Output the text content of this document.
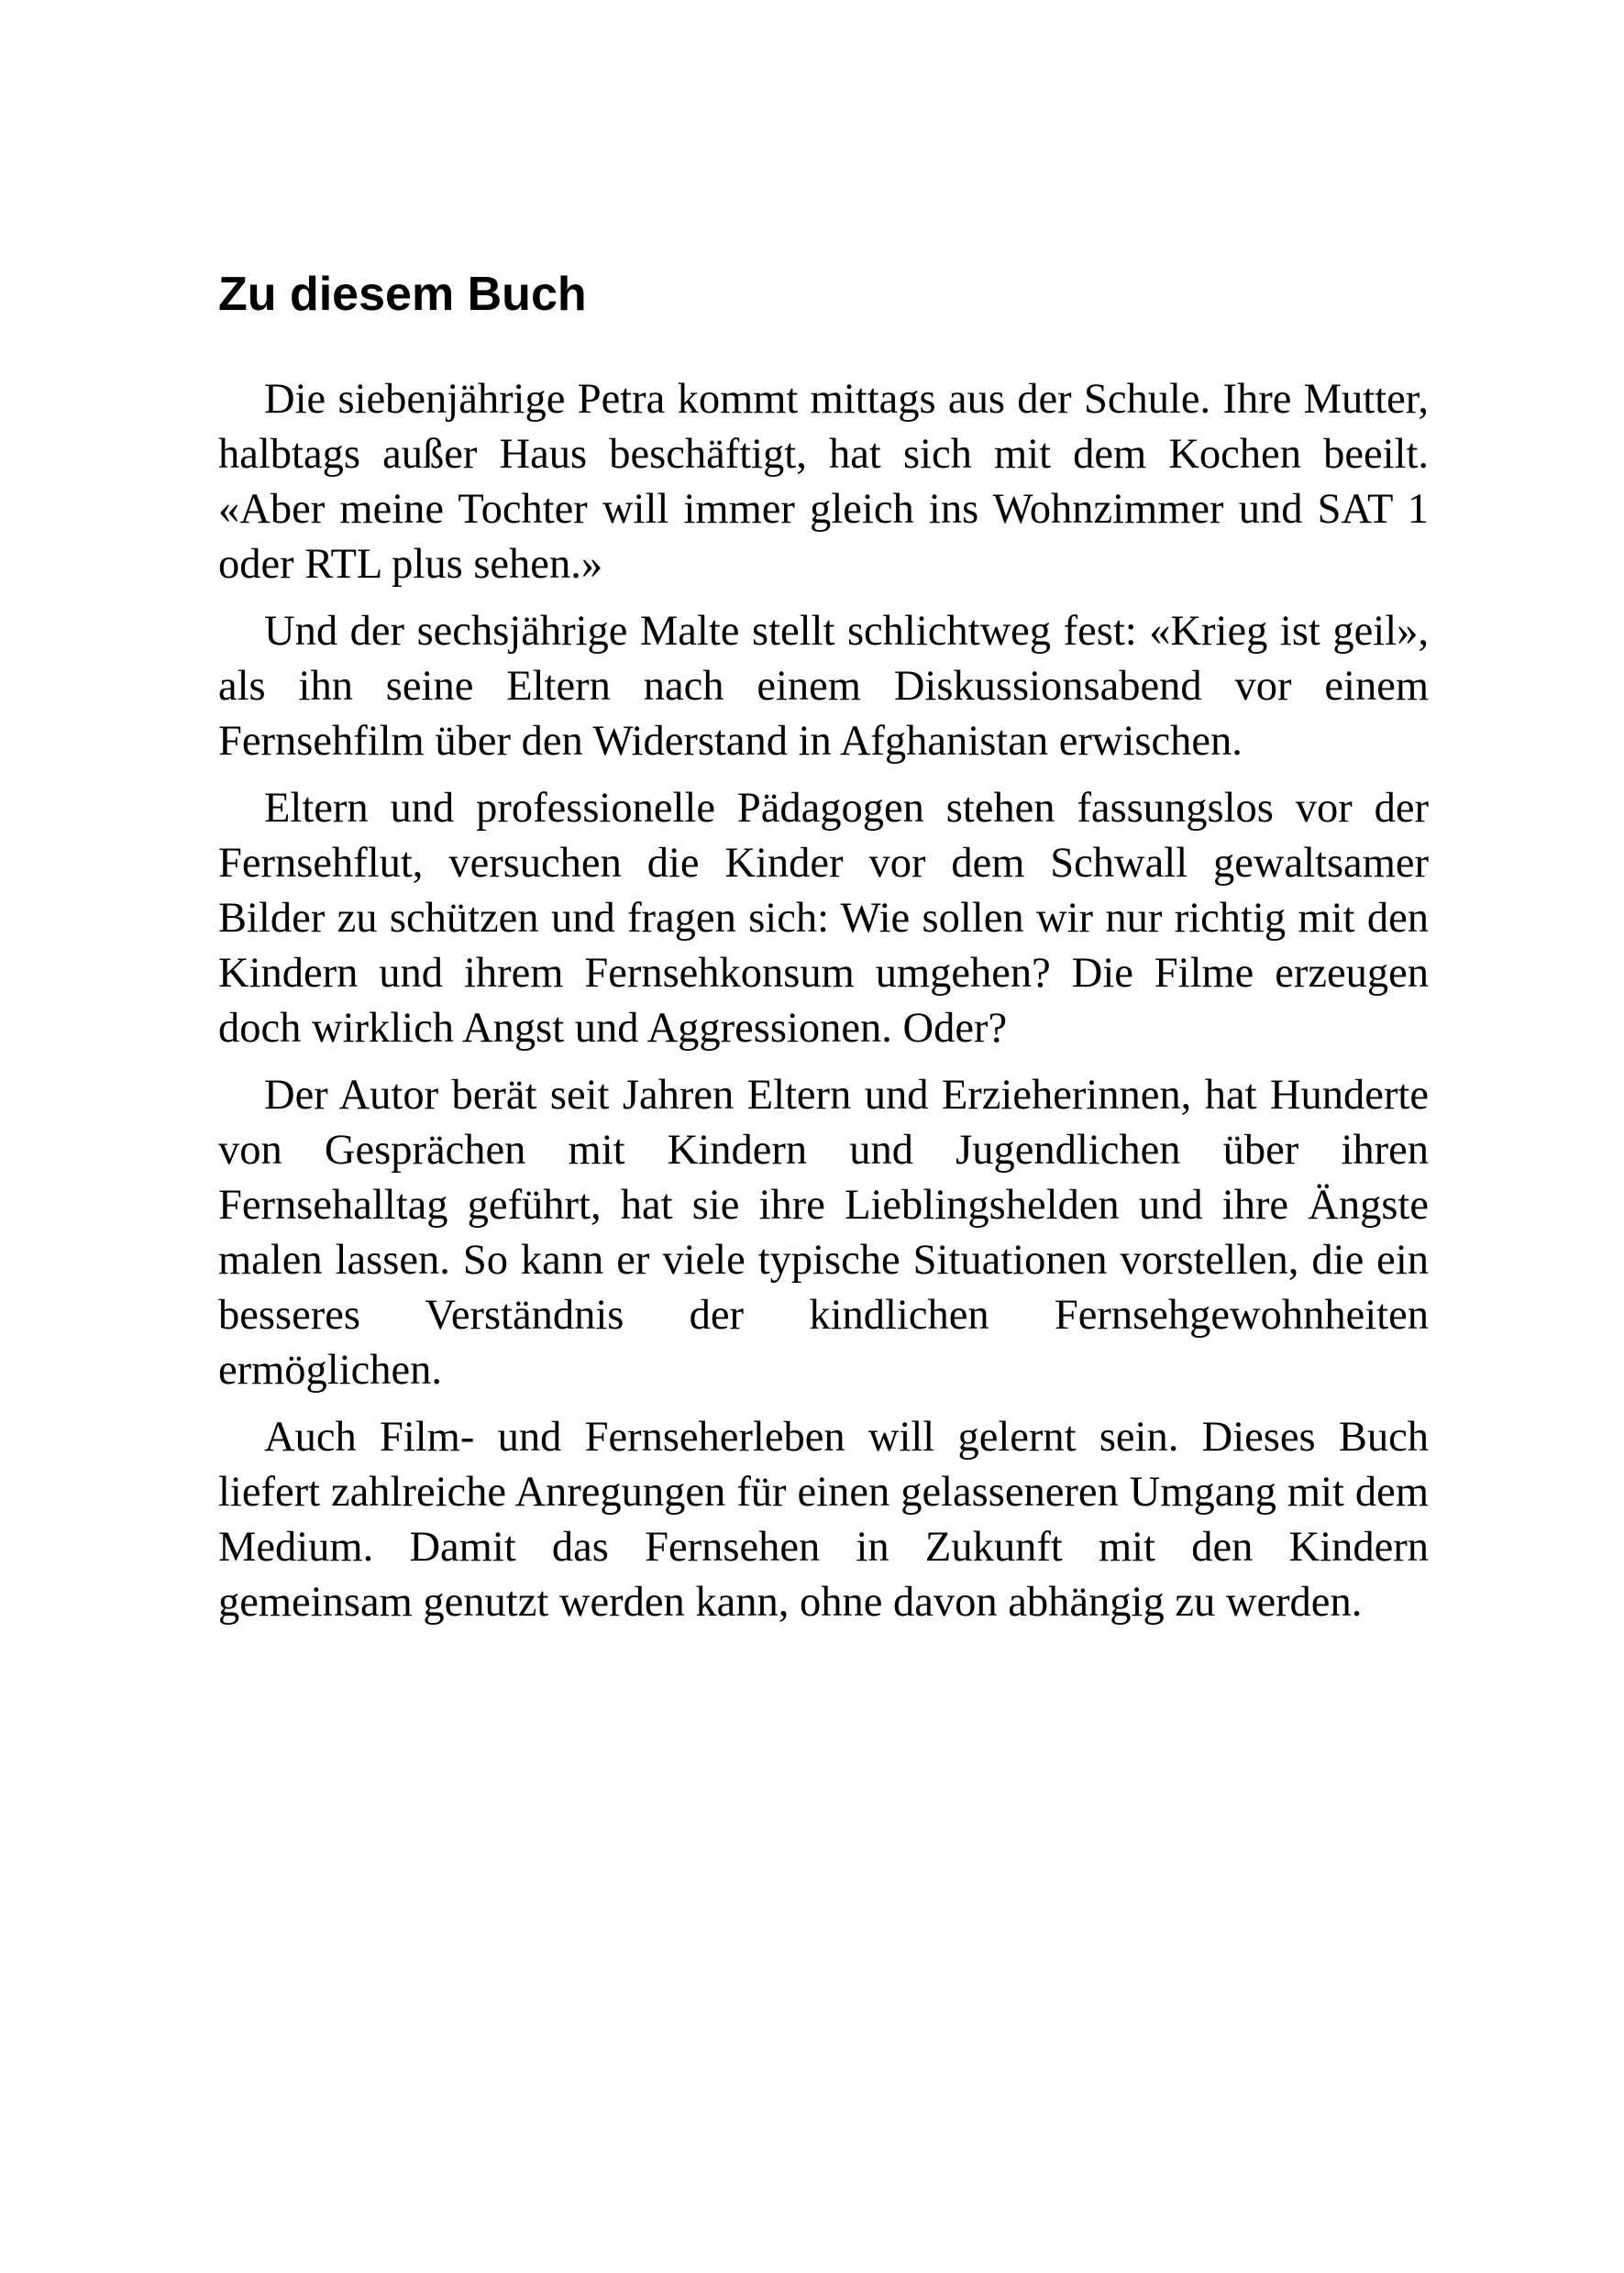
Zu diesem Buch

Die siebenjährige Petra kommt mittags aus der Schule. Ihre Mutter, halbtags außer Haus beschäftigt, hat sich mit dem Kochen beeilt. «Aber meine Tochter will immer gleich ins Wohnzimmer und SAT 1 oder RTL plus sehen.»

Und der sechsjährige Malte stellt schlichtweg fest: «Krieg ist geil», als ihn seine Eltern nach einem Diskussionsabend vor einem Fernsehfilm über den Widerstand in Afghanistan erwischen.

Eltern und professionelle Pädagogen stehen fassungslos vor der Fernsehflut, versuchen die Kinder vor dem Schwall gewaltsamer Bilder zu schützen und fragen sich: Wie sollen wir nur richtig mit den Kindern und ihrem Fernsehkonsum umgehen? Die Filme erzeugen doch wirklich Angst und Aggressionen. Oder?

Der Autor berät seit Jahren Eltern und Erzieherinnen, hat Hunderte von Gesprächen mit Kindern und Jugendlichen über ihren Fernsehalltag geführt, hat sie ihre Lieblingshelden und ihre Ängste malen lassen. So kann er viele typische Situationen vorstellen, die ein besseres Verständnis der kindlichen Fernsehgewohnheiten ermöglichen.

Auch Film- und Fernseherleben will gelernt sein. Dieses Buch liefert zahlreiche Anregungen für einen gelasseneren Umgang mit dem Medium. Damit das Fernsehen in Zukunft mit den Kindern gemeinsam genutzt werden kann, ohne davon abhängig zu werden.
